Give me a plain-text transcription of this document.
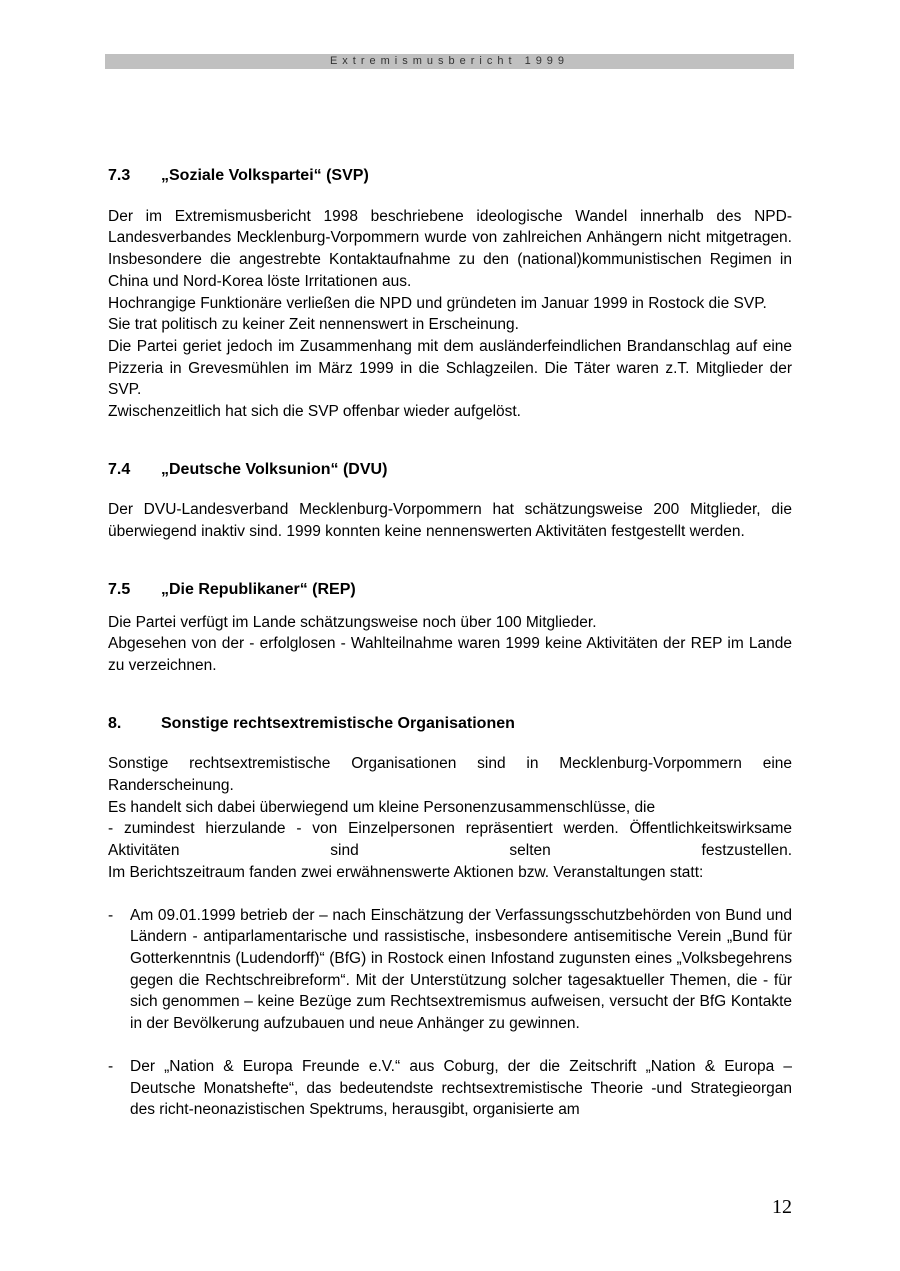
Extremismusbericht 1999
7.3	„Soziale Volkspartei“ (SVP)

Der im Extremismusbericht 1998 beschriebene ideologische Wandel innerhalb des NPD-Landesverbandes Mecklenburg-Vorpommern wurde von zahlreichen Anhängern nicht mitgetragen. Insbesondere die angestrebte Kontaktaufnahme zu den (national)kommunistischen Regimen in China und Nord-Korea löste Irritationen aus.

Hochrangige Funktionäre verließen die NPD und gründeten im Januar 1999 in Rostock die SVP.

Sie trat politisch zu keiner Zeit nennenswert in Erscheinung.

Die Partei geriet jedoch im Zusammenhang mit dem ausländerfeindlichen Brandanschlag auf eine Pizzeria in Grevesmühlen im März 1999 in die Schlagzeilen. Die Täter waren z.T. Mitglieder der SVP.

Zwischenzeitlich hat sich die SVP offenbar wieder aufgelöst.

7.4	„Deutsche Volksunion“ (DVU)

Der DVU-Landesverband Mecklenburg-Vorpommern hat schätzungsweise 200 Mitglieder, die überwiegend inaktiv sind. 1999 konnten keine nennenswerten Aktivitäten festgestellt werden.

7.5	„Die Republikaner“ (REP)

Die Partei verfügt im Lande schätzungsweise noch über 100 Mitglieder.

Abgesehen von der - erfolglosen - Wahlteilnahme waren 1999 keine Aktivitäten der REP im Lande zu verzeichnen.

8.	Sonstige rechtsextremistische Organisationen

Sonstige rechtsextremistische Organisationen sind in Mecklenburg-Vorpommern eine Randerscheinung.

Es handelt sich dabei überwiegend um kleine Personenzusammenschlüsse, die

- zumindest hierzulande - von Einzelpersonen repräsentiert werden. Öffentlichkeitswirksame Aktivitäten sind selten festzustellen.

Im Berichtszeitraum fanden zwei erwähnenswerte Aktionen bzw. Veranstaltungen statt:

-	Am 09.01.1999 betrieb der – nach Einschätzung der Verfassungsschutzbehörden von Bund und Ländern - antiparlamentarische und rassistische, insbesondere antisemitische Verein „Bund für Gotterkenntnis (Ludendorff)“ (BfG) in Rostock einen Infostand zugunsten eines „Volksbegehrens gegen die Rechtschreibreform“. Mit der Unterstützung solcher tagesaktueller Themen, die - für sich genommen – keine Bezüge zum Rechtsextremismus aufweisen, versucht der BfG Kontakte in der Bevölkerung aufzubauen und neue Anhänger zu gewinnen.
-	Der „Nation & Europa Freunde e.V.“ aus Coburg, der die Zeitschrift „Nation & Europa – Deutsche Monatshefte“, das bedeutendste rechtsextremistische Theorie -und Strategieorgan des richt-neonazistischen Spektrums, herausgibt, organisierte am
12
